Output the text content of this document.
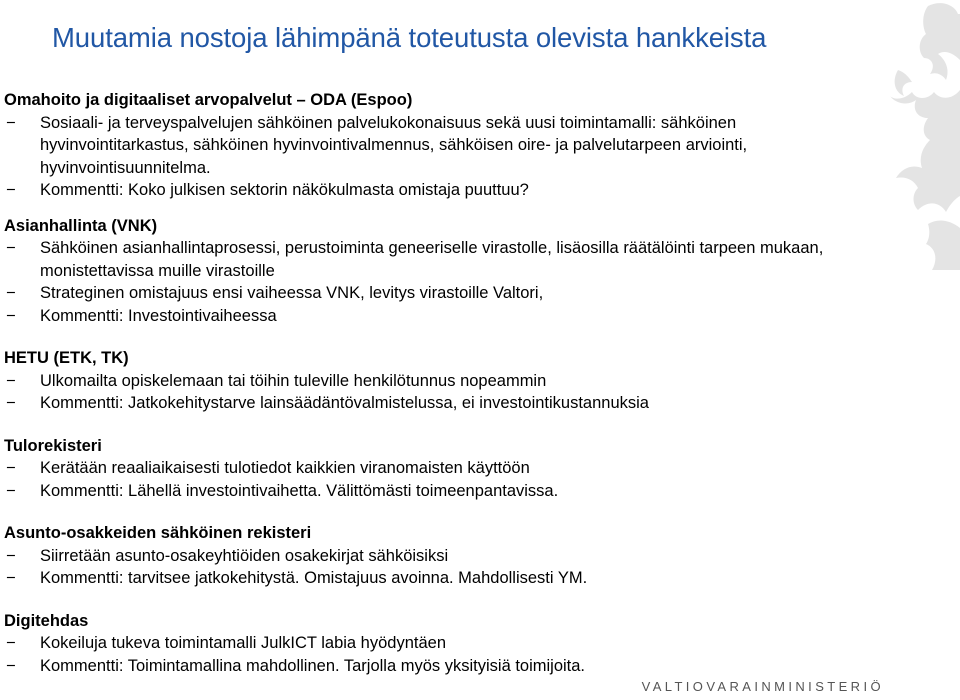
Muutamia nostoja lähimpänä toteutusta olevista hankkeista
Omahoito ja digitaaliset arvopalvelut – ODA (Espoo)
− Sosiaali- ja terveyspalvelujen sähköinen palvelukokonaisuus sekä uusi toimintamalli: sähköinen hyvinvointitarkastus, sähköinen hyvinvointivalmennus, sähköisen oire- ja palvelutarpeen arviointi, hyvinvointisuunnitelma.
− Kommentti: Koko julkisen sektorin näkökulmasta omistaja puuttuu?
Asianhallinta (VNK)
− Sähköinen asianhallintaprosessi, perustoiminta geneeriselle virastolle, lisäosilla räätälöinti tarpeen mukaan, monistettavissa muille virastoille
− Strateginen omistajuus ensi vaiheessa VNK, levitys virastoille Valtori,
− Kommentti: Investointivaiheessa
HETU (ETK, TK)
− Ulkomailta opiskelemaan tai töihin tuleville henkilötunnus nopeammin
− Kommentti: Jatkokehitystarve lainsäädäntövalmistelussa, ei investointikustannuksia
Tulorekisteri
− Kerätään reaaliaikaisesti tulotiedot kaikkien viranomaisten käyttöön
− Kommentti: Lähellä investointivaihetta. Välittömästi toimeenpantavissa.
Asunto-osakkeiden sähköinen rekisteri
− Siirretään asunto-osakeyhtiöiden osakekirjat sähköisiksi
− Kommentti: tarvitsee jatkokehitystä. Omistajuus avoinna. Mahdollisesti YM.
Digitehdas
− Kokeiluja tukeva toimintamalli JulkICT labia hyödyntäen
− Kommentti: Toimintamallina mahdollinen. Tarjolla myös yksityisiä toimijoita.
VALTIOVARAINMINISTERIÖ
